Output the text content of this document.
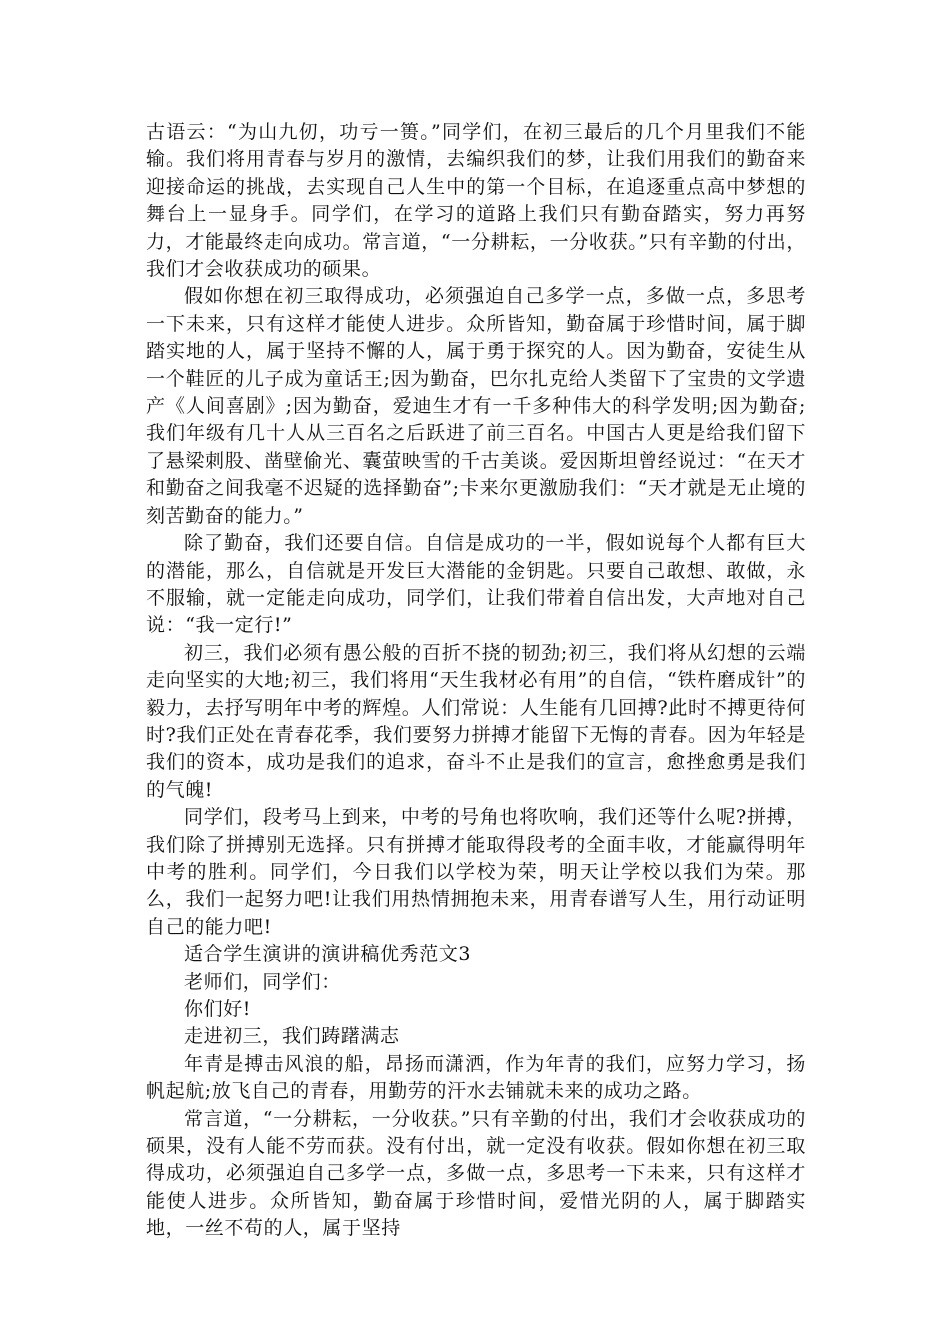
古语云：“为山九仞，功亏一篑。”同学们，在初三最后的几个月里我们不能输。我们将用青春与岁月的激情，去编织我们的梦，让我们用我们的勤奋来迎接命运的挑战，去实现自己人生中的第一个目标，在追逐重点高中梦想的舞台上一显身手。同学们，在学习的道路上我们只有勤奋踏实，努力再努力，才能最终走向成功。常言道，“一分耕耘，一分收获。”只有辛勤的付出，我们才会收获成功的硕果。

假如你想在初三取得成功，必须强迫自己多学一点，多做一点，多思考一下未来，只有这样才能使人进步。众所皆知，勤奋属于珍惜时间，属于脚踏实地的人，属于坚持不懈的人，属于勇于探究的人。因为勤奋，安徒生从一个鞋匠的儿子成为童话王;因为勤奋，巴尔扎克给人类留下了宝贵的文学遗产《人间喜剧》;因为勤奋，爱迪生才有一千多种伟大的科学发明;因为勤奋;我们年级有几十人从三百名之后跃进了前三百名。中国古人更是给我们留下了悬梁刺股、凿壁偷光、囊萤映雪的千古美谈。爱因斯坦曾经说过：“在天才和勤奋之间我毫不迟疑的选择勤奋”;卡来尔更激励我们：“天才就是无止境的刻苦勤奋的能力。”

除了勤奋，我们还要自信。自信是成功的一半，假如说每个人都有巨大的潜能，那么，自信就是开发巨大潜能的金钥匙。只要自己敢想、敢做，永不服输，就一定能走向成功，同学们，让我们带着自信出发，大声地对自己说：“我一定行!”

初三，我们必须有愚公般的百折不挠的韧劲;初三，我们将从幻想的云端走向坚实的大地;初三，我们将用“天生我材必有用”的自信，“铁杵磨成针”的毅力，去抒写明年中考的辉煌。人们常说：人生能有几回搏?此时不搏更待何时?我们正处在青春花季，我们要努力拼搏才能留下无悔的青春。因为年轻是我们的资本，成功是我们的追求，奋斗不止是我们的宣言，愈挫愈勇是我们的气魄!

同学们，段考马上到来，中考的号角也将吹响，我们还等什么呢?拼搏，我们除了拼搏别无选择。只有拼搏才能取得段考的全面丰收，才能赢得明年中考的胜利。同学们，今日我们以学校为荣，明天让学校以我们为荣。那么，我们一起努力吧!让我们用热情拥抱未来，用青春谱写人生，用行动证明自己的能力吧!

适合学生演讲的演讲稿优秀范文3

老师们，同学们：

你们好!

走进初三，我们踌躇满志

年青是搏击风浪的船，昂扬而潇洒，作为年青的我们，应努力学习，扬帆起航;放飞自己的青春，用勤劳的汗水去铺就未来的成功之路。

常言道，“一分耕耘，一分收获。”只有辛勤的付出，我们才会收获成功的硕果，没有人能不劳而获。没有付出，就一定没有收获。假如你想在初三取得成功，必须强迫自己多学一点，多做一点，多思考一下未来，只有这样才能使人进步。众所皆知，勤奋属于珍惜时间，爱惜光阴的人，属于脚踏实地，一丝不苟的人，属于坚持
